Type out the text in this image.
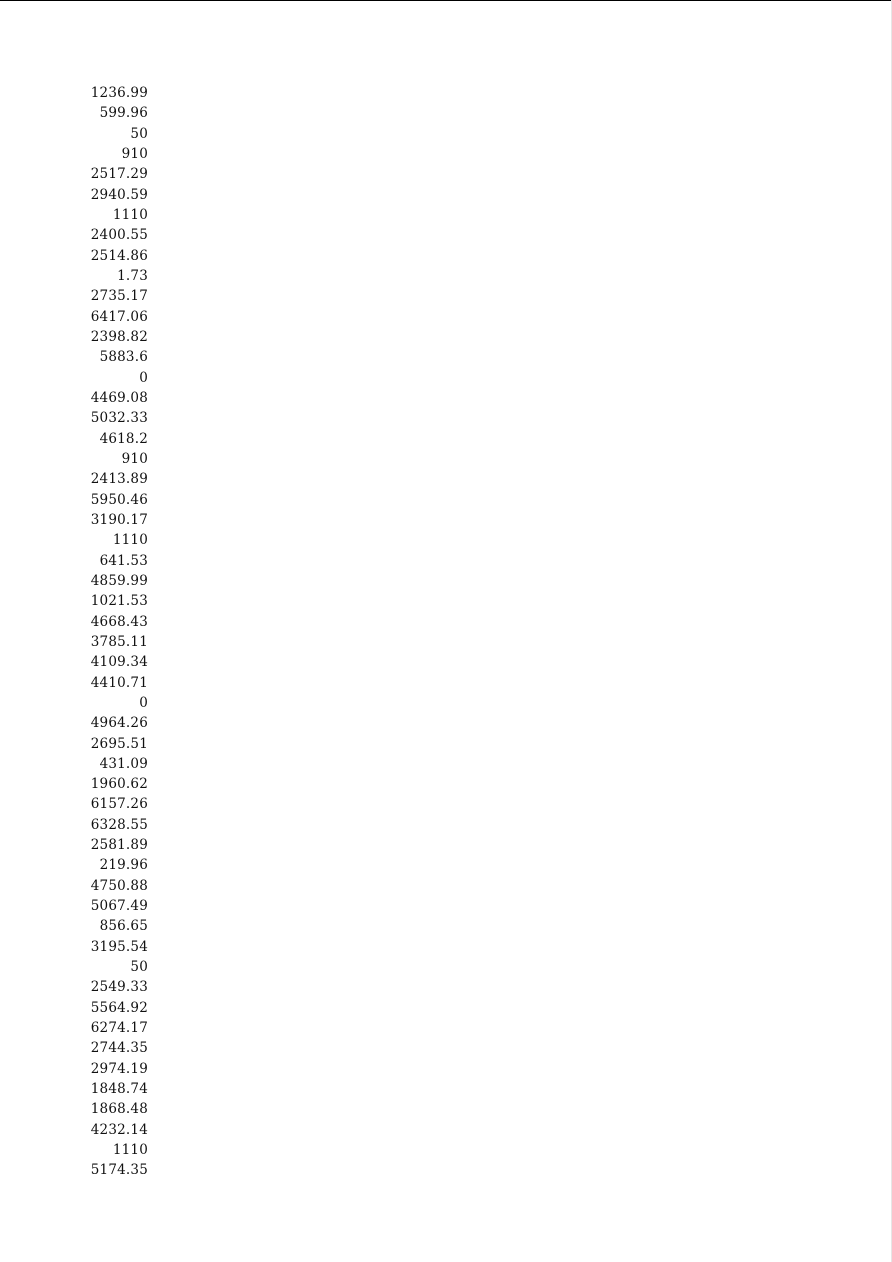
1236.99
599.96
50
910
2517.29
2940.59
1110
2400.55
2514.86
1.73
2735.17
6417.06
2398.82
5883.6
0
4469.08
5032.33
4618.2
910
2413.89
5950.46
3190.17
1110
641.53
4859.99
1021.53
4668.43
3785.11
4109.34
4410.71
0
4964.26
2695.51
431.09
1960.62
6157.26
6328.55
2581.89
219.96
4750.88
5067.49
856.65
3195.54
50
2549.33
5564.92
6274.17
2744.35
2974.19
1848.74
1868.48
4232.14
1110
5174.35
